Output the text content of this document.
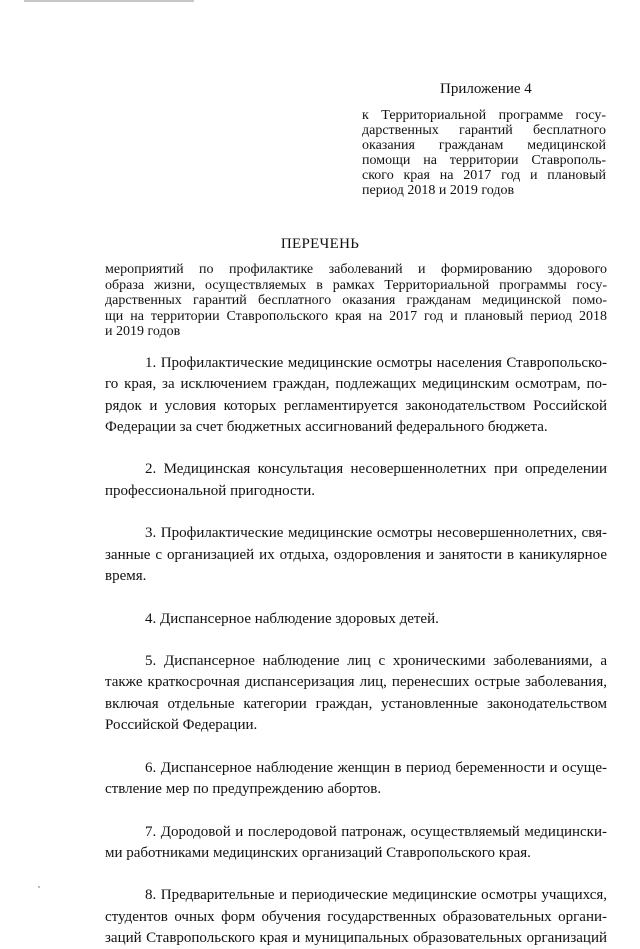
Приложение 4
к Территориальной программе госу-
дарственных гарантий бесплатного
оказания гражданам медицинской
помощи на территории Ставрополь-
ского края на 2017 год и плановый
период 2018 и 2019 годов
ПЕРЕЧЕНЬ
мероприятий по профилактике заболеваний и формированию здорового
образа жизни, осуществляемых в рамках Территориальной программы госу-
дарственных гарантий бесплатного оказания гражданам медицинской помо-
щи на территории Ставропольского края на 2017 год и плановый период 2018
и 2019 годов
1. Профилактические медицинские осмотры населения Ставропольско-
го края, за исключением граждан, подлежащих медицинским осмотрам, по-
рядок и условия которых регламентируется законодательством Российской
Федерации за счет бюджетных ассигнований федерального бюджета.
2. Медицинская консультация несовершеннолетних при определении
профессиональной пригодности.
3. Профилактические медицинские осмотры несовершеннолетних, свя-
занные с организацией их отдыха, оздоровления и занятости в каникулярное
время.
4. Диспансерное наблюдение здоровых детей.
5. Диспансерное наблюдение лиц с хроническими заболеваниями, а
также краткосрочная диспансеризация лиц, перенесших острые заболевания,
включая отдельные категории граждан, установленные законодательством
Российской Федерации.
6. Диспансерное наблюдение женщин в период беременности и осуще-
ствление мер по предупреждению абортов.
7. Дородовой и послеродовой патронаж, осуществляемый медицински-
ми работниками медицинских организаций Ставропольского края.
8. Предварительные и периодические медицинские осмотры учащихся,
студентов очных форм обучения государственных образовательных органи-
заций Ставропольского края и муниципальных образовательных организаций
